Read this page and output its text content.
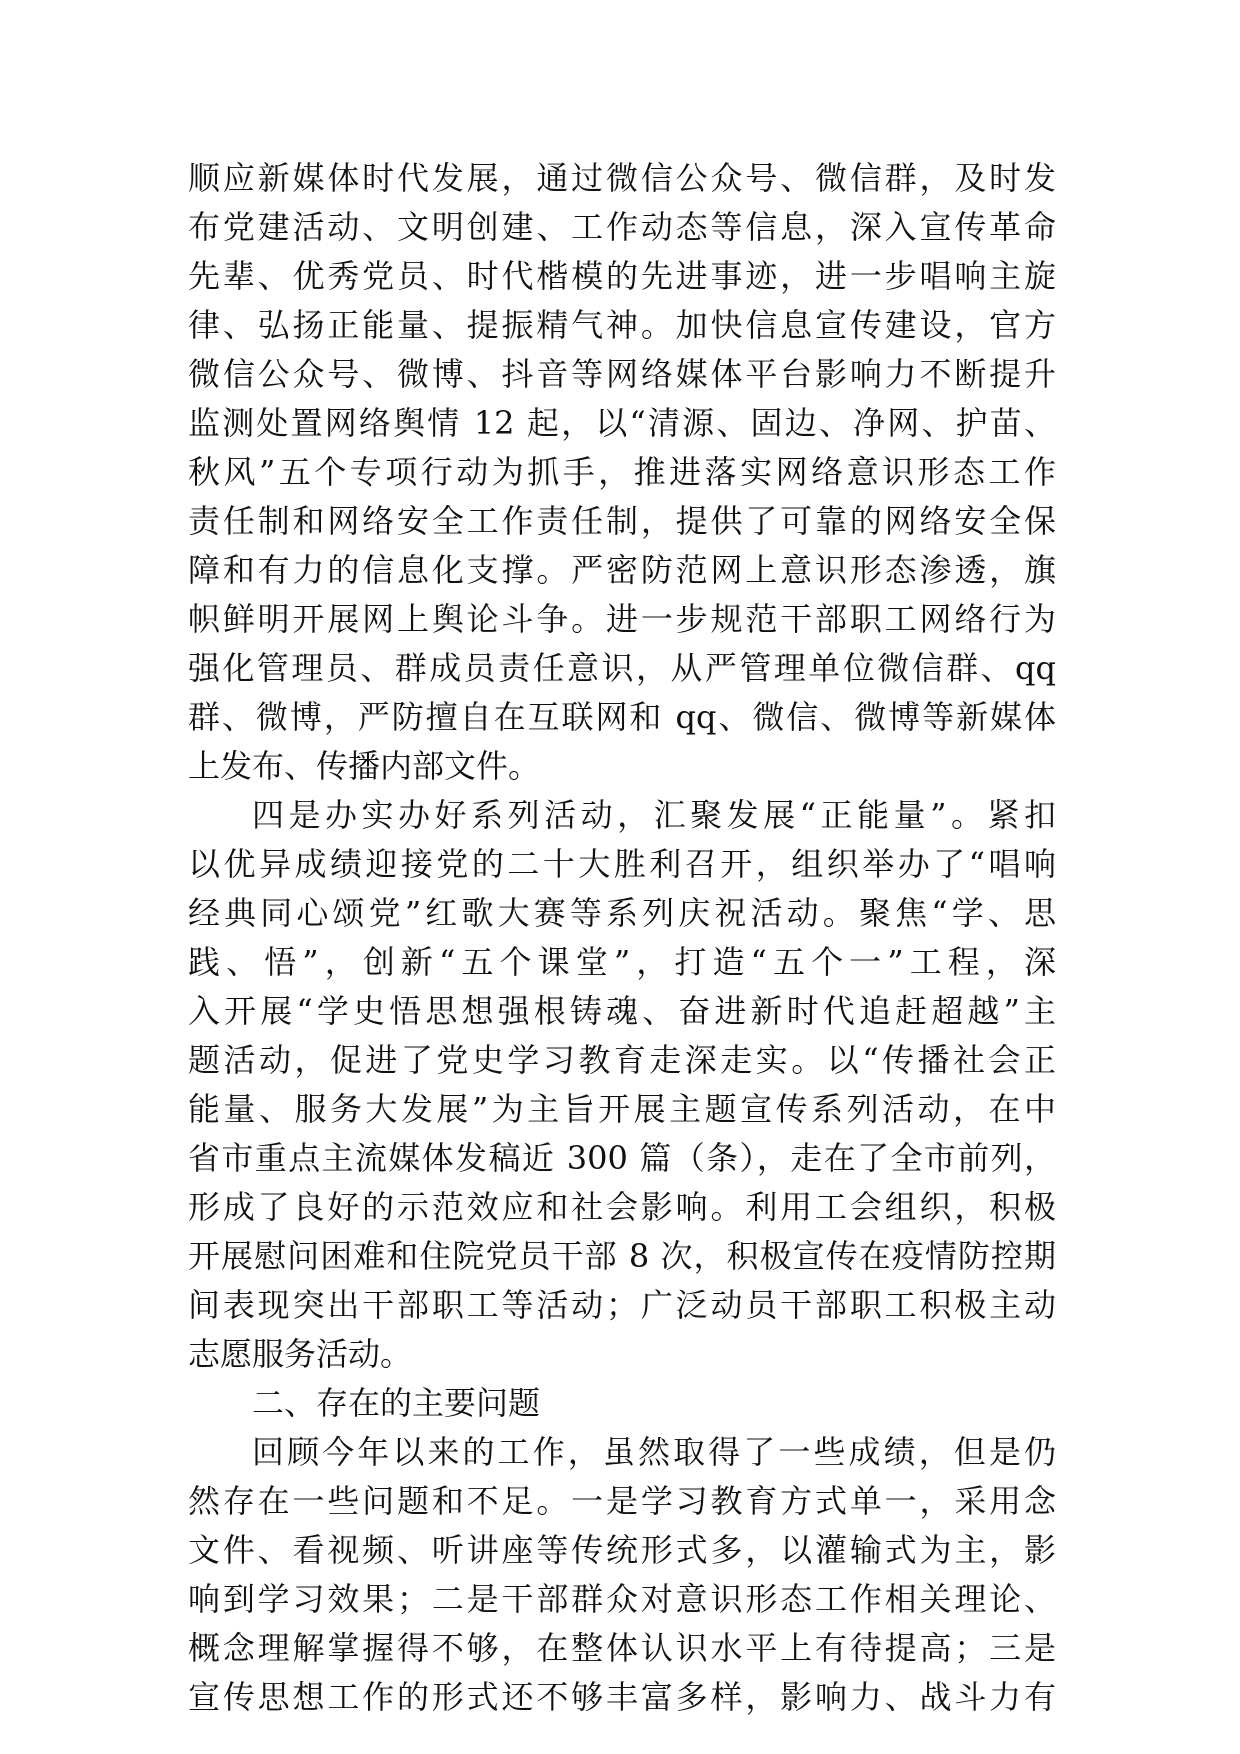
顺应新媒体时代发展，通过微信公众号、微信群，及时发
布党建活动、文明创建、工作动态等信息，深入宣传革命
先辈、优秀党员、时代楷模的先进事迹，进一步唱响主旋
律、弘扬正能量、提振精气神。加快信息宣传建设，官方
微信公众号、微博、抖音等网络媒体平台影响力不断提升
监测处置网络舆情 12 起，以“清源、固边、净网、护苗、
秋风”五个专项行动为抓手，推进落实网络意识形态工作
责任制和网络安全工作责任制，提供了可靠的网络安全保
障和有力的信息化支撑。严密防范网上意识形态渗透，旗
帜鲜明开展网上舆论斗争。进一步规范干部职工网络行为
强化管理员、群成员责任意识，从严管理单位微信群、qq
群、微博，严防擅自在互联网和 qq、微信、微博等新媒体
上发布、传播内部文件。
四是办实办好系列活动，汇聚发展“正能量”。紧扣
以优异成绩迎接党的二十大胜利召开，组织举办了“唱响
经典同心颂党”红歌大赛等系列庆祝活动。聚焦“学、思
践、悟”，创新“五个课堂”，打造“五个一”工程，深
入开展“学史悟思想强根铸魂、奋进新时代追赶超越”主
题活动，促进了党史学习教育走深走实。以“传播社会正
能量、服务大发展”为主旨开展主题宣传系列活动，在中
省市重点主流媒体发稿近 300 篇（条），走在了全市前列，
形成了良好的示范效应和社会影响。利用工会组织，积极
开展慰问困难和住院党员干部 8 次，积极宣传在疫情防控期
间表现突出干部职工等活动；广泛动员干部职工积极主动
志愿服务活动。
二、存在的主要问题
回顾今年以来的工作，虽然取得了一些成绩，但是仍
然存在一些问题和不足。一是学习教育方式单一，采用念
文件、看视频、听讲座等传统形式多，以灌输式为主，影
响到学习效果；二是干部群众对意识形态工作相关理论、
概念理解掌握得不够，在整体认识水平上有待提高；三是
宣传思想工作的形式还不够丰富多样，影响力、战斗力有
